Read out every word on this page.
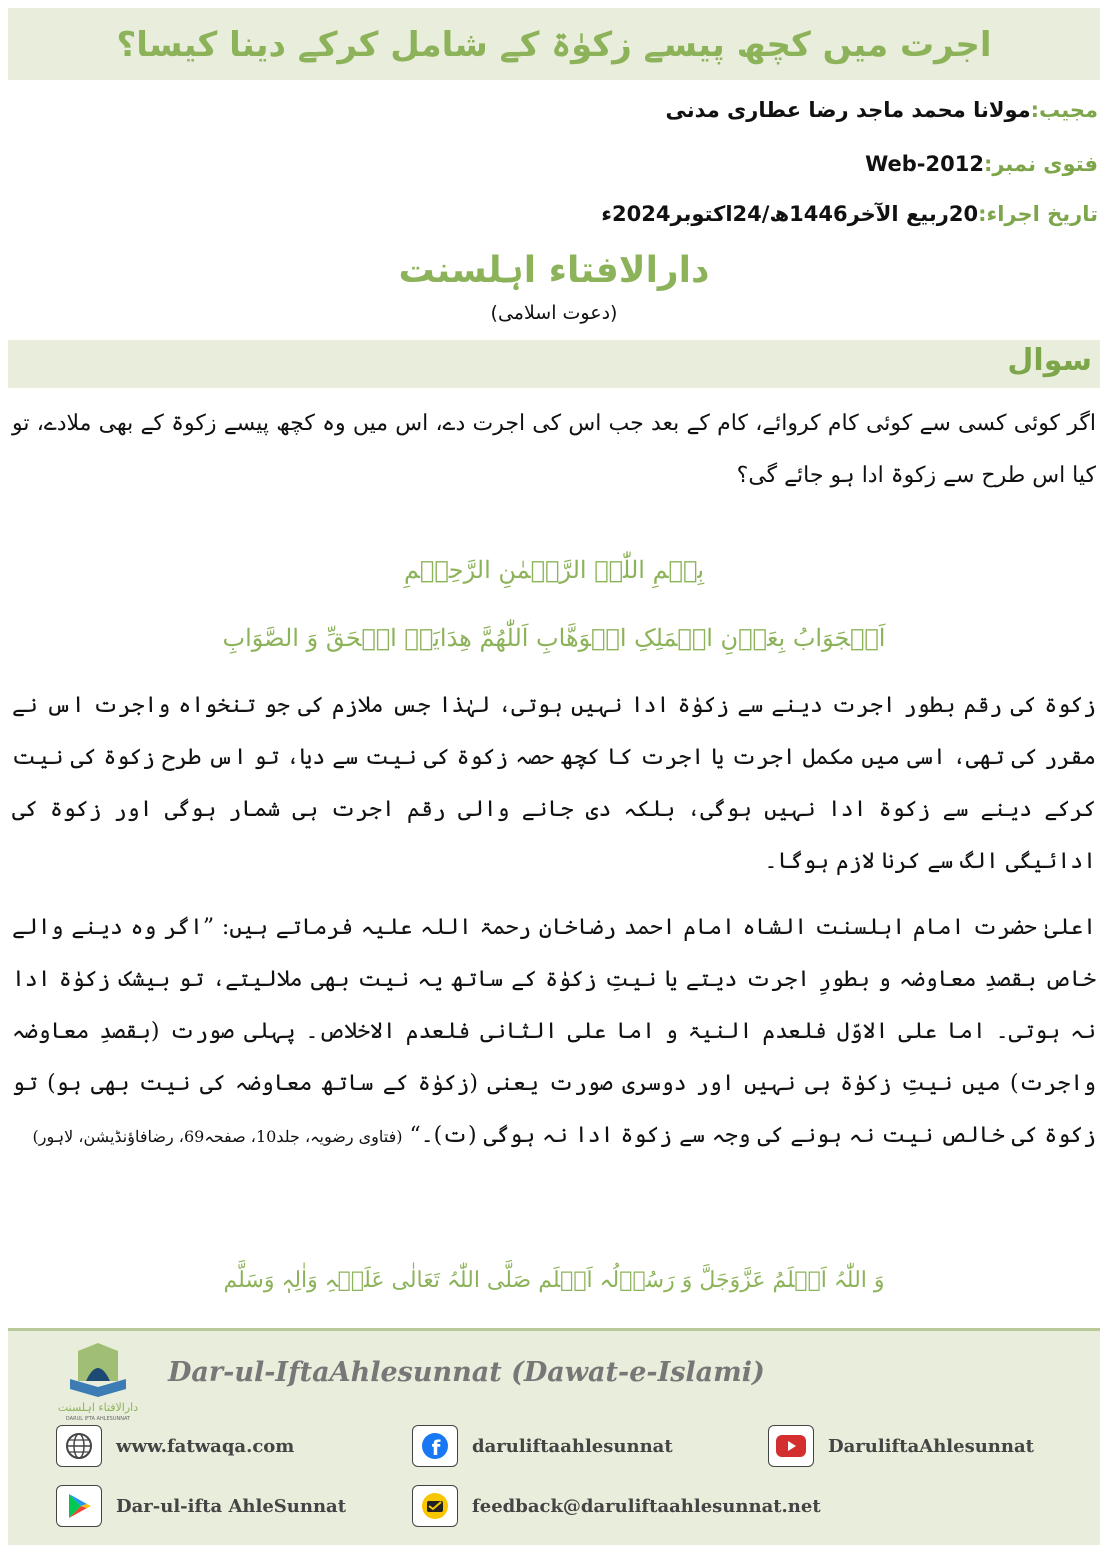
اجرت میں کچھ پیسے زکوٰۃ کے شامل کرکے دینا کیسا؟
مجیب:مولانا محمد ماجد رضا عطاری مدنی
فتوی نمبر:Web-2012
تاریخ اجراء:20ربیع الآخر1446ھ/24اکتوبر2024ء
دارالافتاء اہلسنت
(دعوت اسلامی)
سوال
اگر کوئی کسی سے کوئی کام کروائے، کام کے بعد جب اس کی اجرت دے، اس میں وہ کچھ پیسے زکوۃ کے بھی ملادے، تو کیا اس طرح سے زکوۃ ادا ہو جائے گی؟
بِسۡمِ اللّٰہِ الرَّحۡمٰنِ الرَّحِیۡمِ
اَلۡجَوَابُ بِعَوۡنِ الۡمَلِکِ الۡوَھَّابِ اَللّٰھُمَّ ھِدَایَۃَ الۡحَقِّ وَ الصَّوَابِ
زکوۃ کی رقم بطور اجرت دینے سے زکوٰۃ ادا نہیں ہوتی، لہٰذا جس ملازم کی جو تنخواہ واجرت اس نے مقرر کی تھی، اسی میں مکمل اجرت یا اجرت کا کچھ حصہ زکوۃ کی نیت سے دیا، تو اس طرح زکوۃ کی نیت کرکے دینے سے زکوۃ ادا نہیں ہوگی، بلکہ دی جانے والی رقم اجرت ہی شمار ہوگی اور زکوۃ کی ادائیگی الگ سے کرنا لازم ہوگا۔
اعلیٰ حضرت امام اہلسنت الشاہ امام احمد رضاخان رحمۃ اللہ علیہ فرماتے ہیں: ”اگر وہ دینے والے خاص بقصدِ معاوضہ و بطورِ اجرت دیتے یا نیتِ زکوٰۃ کے ساتھ یہ نیت بھی ملالیتے، تو بیشک زکوٰۃ ادا نہ ہوتی۔ اما علی الاوّل فلعدم النیۃ و اما علی الثانی فلعدم الاخلاص۔ پہلی صورت (بقصدِ معاوضہ واجرت) میں نیتِ زکوٰۃ ہی نہیں اور دوسری صورت یعنی (زکوٰۃ کے ساتھ معاوضہ کی نیت بھی ہو) تو زکوۃ کی خالص نیت نہ ہونے کی وجہ سے زکوۃ ادا نہ ہوگی (ت)۔“ (فتاوی رضویہ، جلد10، صفحہ69، رضافاؤنڈیشن، لاہور)
وَ اللّٰہُ اَعۡلَمُ عَزَّوَجَلَّ وَ رَسُوۡلُہ اَعۡلَم صَلَّی اللّٰہُ تَعَالٰی عَلَیۡہِ وَاٰلِہٖ وَسَلَّم
دارالافتاء اہلسنت
DARUL IFTA AHLESUNNAT
Dar-ul-IftaAhlesunnat (Dawat-e-Islami)
www.fatwaqa.com	f daruliftaahlesunnat	DaruliftaAhlesunnat
Dar-ul-ifta AhleSunnat	feedback@daruliftaahlesunnat.net
